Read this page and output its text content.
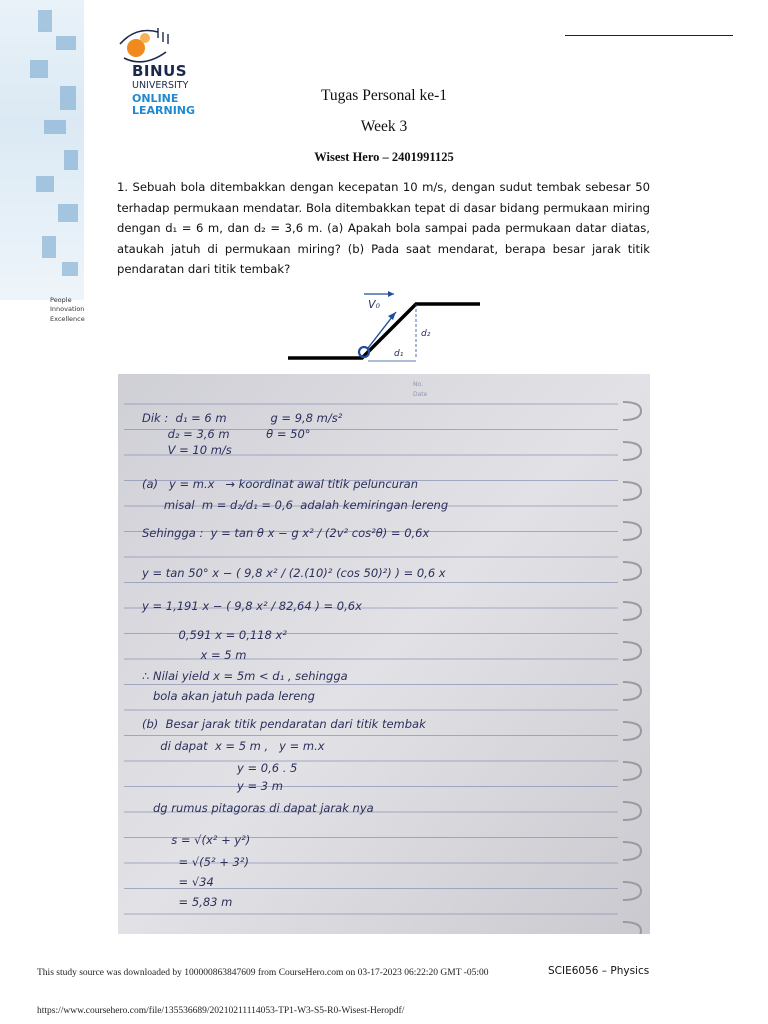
BINUS
UNIVERSITY
ONLINE
LEARNING
People
Innovation
Excellence
Tugas Personal ke-1
Week 3
Wisest Hero – 2401991125
1. Sebuah bola ditembakkan dengan kecepatan 10 m/s, dengan sudut tembak sebesar 50 terhadap permukaan mendatar. Bola ditembakkan tepat di dasar bidang permukaan miring dengan d₁ = 6 m, dan d₂ = 3,6 m. (a) Apakah bola sampai pada permukaan datar diatas, ataukah jatuh di permukaan miring? (b) Pada saat mendarat, berapa besar jarak titik pendaratan dari titik tembak?
V₀
d₁
d₂
No.
Date
Dik :  d₁ = 6 m            g = 9,8 m/s²
d₂ = 3,6 m          θ = 50°
V = 10 m/s
(a)   y = m.x   → koordinat awal titik peluncuran
misal  m = d₂/d₁ = 0,6  adalah kemiringan lereng
Sehingga :  y = tan θ x − g x² / (2v² cos²θ) = 0,6x
y = tan 50° x − ( 9,8 x² / (2.(10)² (cos 50)²) ) = 0,6 x
y = 1,191 x − ( 9,8 x² / 82,64 ) = 0,6x
0,591 x = 0,118 x²
x = 5 m
∴ Nilai yield x = 5m < d₁ , sehingga
bola akan jatuh pada lereng
(b)  Besar jarak titik pendaratan dari titik tembak
di dapat  x = 5 m ,   y = m.x
y = 0,6 . 5
y = 3 m
dg rumus pitagoras di dapat jarak nya
s = √(x² + y²)
= √(5² + 3²)
= √34
= 5,83 m
This study source was downloaded by 100000863847609 from CourseHero.com on 03-17-2023 06:22:20 GMT -05:00	SCIE6056 – Physics
https://www.coursehero.com/file/135536689/20210211114053-TP1-W3-S5-R0-Wisest-Heropdf/
